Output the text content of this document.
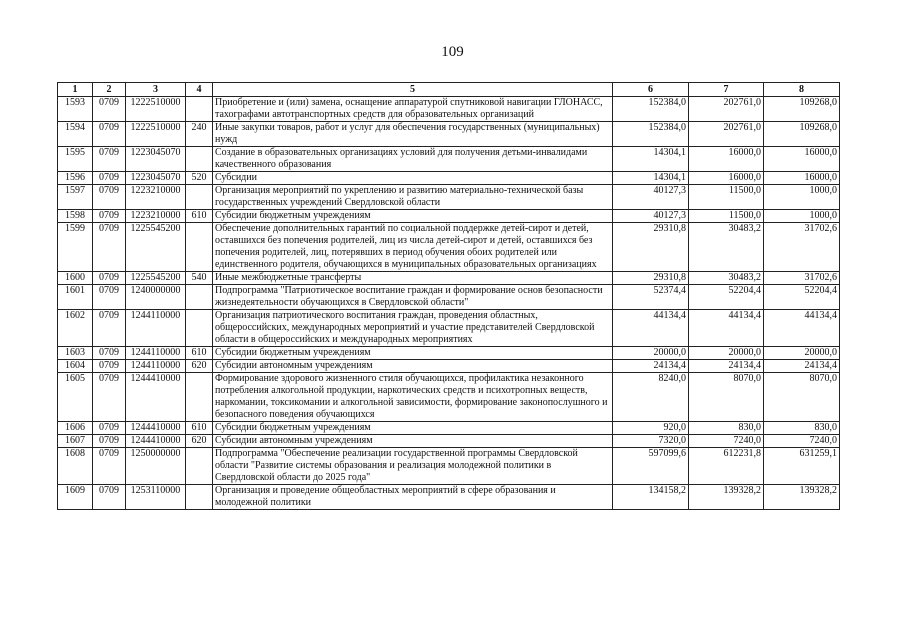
109
1	2	3	4	5	6	7	8
1593	0709	1222510000		Приобретение и (или) замена, оснащение аппаратурой спутниковой навигации ГЛОНАСС, тахографами автотранспортных средств для образовательных организаций	152384,0	202761,0	109268,0
1594	0709	1222510000	240	Иные закупки товаров, работ и услуг для обеспечения государственных (муниципальных) нужд	152384,0	202761,0	109268,0
1595	0709	1223045070		Создание в образовательных организациях условий для получения детьми-инвалидами качественного образования	14304,1	16000,0	16000,0
1596	0709	1223045070	520	Субсидии	14304,1	16000,0	16000,0
1597	0709	1223210000		Организация мероприятий по укреплению и развитию материально-технической базы государственных учреждений Свердловской области	40127,3	11500,0	1000,0
1598	0709	1223210000	610	Субсидии бюджетным учреждениям	40127,3	11500,0	1000,0
1599	0709	1225545200		Обеспечение дополнительных гарантий по социальной поддержке детей-сирот и детей, оставшихся без попечения родителей, лиц из числа детей-сирот и детей, оставшихся без попечения родителей, лиц, потерявших в период обучения обоих родителей или единственного родителя, обучающихся в муниципальных образовательных организациях	29310,8	30483,2	31702,6
1600	0709	1225545200	540	Иные межбюджетные трансферты	29310,8	30483,2	31702,6
1601	0709	1240000000		Подпрограмма "Патриотическое воспитание граждан и формирование основ безопасности жизнедеятельности обучающихся в Свердловской области"	52374,4	52204,4	52204,4
1602	0709	1244110000		Организация патриотического воспитания граждан, проведения областных, общероссийских, международных мероприятий и участие представителей Свердловской области в общероссийских и международных мероприятиях	44134,4	44134,4	44134,4
1603	0709	1244110000	610	Субсидии бюджетным учреждениям	20000,0	20000,0	20000,0
1604	0709	1244110000	620	Субсидии автономным учреждениям	24134,4	24134,4	24134,4
1605	0709	1244410000		Формирование здорового жизненного стиля обучающихся, профилактика незаконного потребления алкогольной продукции, наркотических средств и психотропных веществ, наркомании, токсикомании и алкогольной зависимости, формирование законопослушного и безопасного поведения обучающихся	8240,0	8070,0	8070,0
1606	0709	1244410000	610	Субсидии бюджетным учреждениям	920,0	830,0	830,0
1607	0709	1244410000	620	Субсидии автономным учреждениям	7320,0	7240,0	7240,0
1608	0709	1250000000		Подпрограмма "Обеспечение реализации государственной программы Свердловской области "Развитие системы образования и реализация молодежной политики в Свердловской области до 2025 года"	597099,6	612231,8	631259,1
1609	0709	1253110000		Организация и проведение общеобластных мероприятий в сфере образования и молодежной политики	134158,2	139328,2	139328,2
